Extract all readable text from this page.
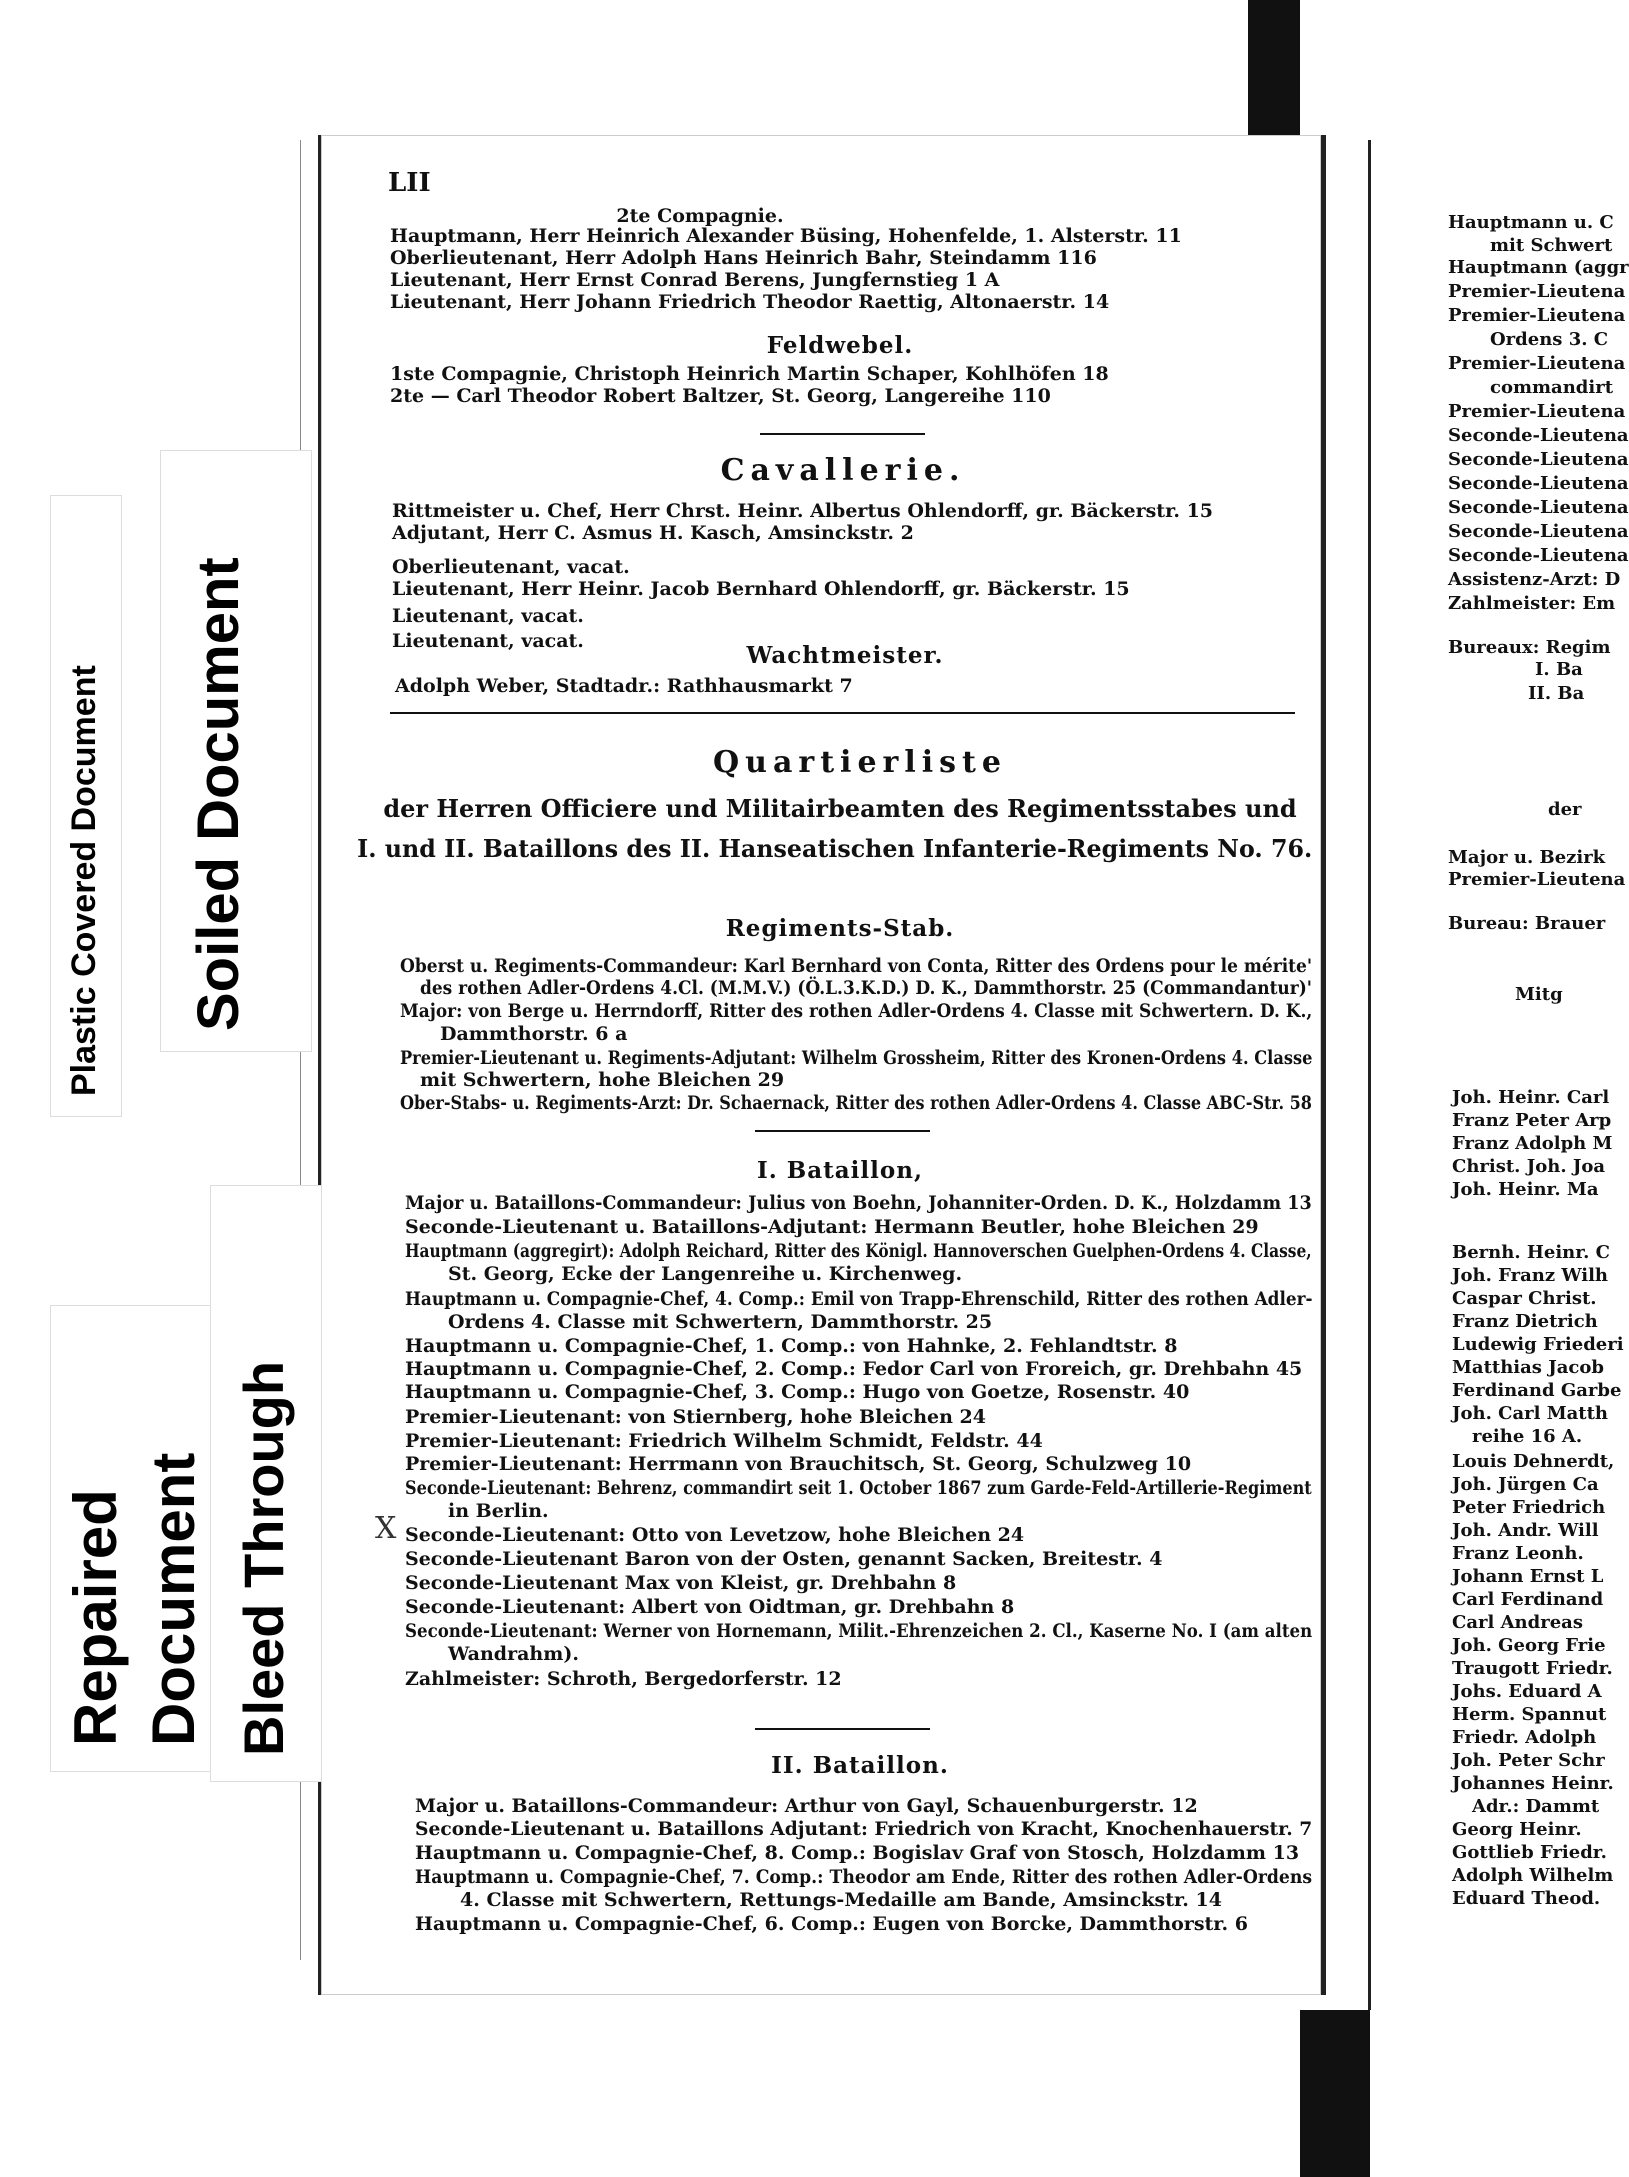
LII
2te Compagnie.
Hauptmann, Herr Heinrich Alexander Büsing, Hohenfelde, 1. Alsterstr. 11
Oberlieutenant, Herr Adolph Hans Heinrich Bahr, Steindamm 116
Lieutenant, Herr Ernst Conrad Berens, Jungfernstieg 1 A
Lieutenant, Herr Johann Friedrich Theodor Raettig, Altonaerstr. 14
Feldwebel.
1ste Compagnie, Christoph Heinrich Martin Schaper, Kohlhöfen 18
2te — Carl Theodor Robert Baltzer, St. Georg, Langereihe 110
Cavallerie.
Rittmeister u. Chef, Herr Chrst. Heinr. Albertus Ohlendorff, gr. Bäckerstr. 15
Adjutant, Herr C. Asmus H. Kasch, Amsinckstr. 2
Oberlieutenant, vacat.
Lieutenant, Herr Heinr. Jacob Bernhard Ohlendorff, gr. Bäckerstr. 15
Lieutenant, vacat.
Lieutenant, vacat.
Wachtmeister.
Adolph Weber, Stadtadr.: Rathhausmarkt 7
Quartierliste
der Herren Officiere und Militairbeamten des Regimentsstabes und
I. und II. Bataillons des II. Hanseatischen Infanterie-Regiments No. 76.
Regiments-Stab.
Oberst u. Regiments-Commandeur: Karl Bernhard von Conta, Ritter des Ordens pour le mérite'
des rothen Adler-Ordens 4.Cl. (M.M.V.) (Ö.L.3.K.D.) D. K., Dammthorstr. 25 (Commandantur)'
Major: von Berge u. Herrndorff, Ritter des rothen Adler-Ordens 4. Classe mit Schwertern. D. K.,
Dammthorstr. 6 a
Premier-Lieutenant u. Regiments-Adjutant: Wilhelm Grossheim, Ritter des Kronen-Ordens 4. Classe
mit Schwertern, hohe Bleichen 29
Ober-Stabs- u. Regiments-Arzt: Dr. Schaernack, Ritter des rothen Adler-Ordens 4. Classe ABC-Str. 58
I. Bataillon,
Major u. Bataillons-Commandeur: Julius von Boehn, Johanniter-Orden. D. K., Holzdamm 13
Seconde-Lieutenant u. Bataillons-Adjutant: Hermann Beutler, hohe Bleichen 29
Hauptmann (aggregirt): Adolph Reichard, Ritter des Königl. Hannoverschen Guelphen-Ordens 4. Classe,
St. Georg, Ecke der Langenreihe u. Kirchenweg.
Hauptmann u. Compagnie-Chef, 4. Comp.: Emil von Trapp-Ehrenschild, Ritter des rothen Adler-
Ordens 4. Classe mit Schwertern, Dammthorstr. 25
Hauptmann u. Compagnie-Chef, 1. Comp.: von Hahnke, 2. Fehlandtstr. 8
Hauptmann u. Compagnie-Chef, 2. Comp.: Fedor Carl von Froreich, gr. Drehbahn 45
Hauptmann u. Compagnie-Chef, 3. Comp.: Hugo von Goetze, Rosenstr. 40
Premier-Lieutenant: von Stiernberg, hohe Bleichen 24
Premier-Lieutenant: Friedrich Wilhelm Schmidt, Feldstr. 44
Premier-Lieutenant: Herrmann von Brauchitsch, St. Georg, Schulzweg 10
Seconde-Lieutenant: Behrenz, commandirt seit 1. October 1867 zum Garde-Feld-Artillerie-Regiment
in Berlin.
Seconde-Lieutenant: Otto von Levetzow, hohe Bleichen 24
Seconde-Lieutenant Baron von der Osten, genannt Sacken, Breitestr. 4
Seconde-Lieutenant Max von Kleist, gr. Drehbahn 8
Seconde-Lieutenant: Albert von Oidtman, gr. Drehbahn 8
Seconde-Lieutenant: Werner von Hornemann, Milit.-Ehrenzeichen 2. Cl., Kaserne No. I (am alten
Wandrahm).
Zahlmeister: Schroth, Bergedorferstr. 12
II. Bataillon.
Major u. Bataillons-Commandeur: Arthur von Gayl, Schauenburgerstr. 12
Seconde-Lieutenant u. Bataillons Adjutant: Friedrich von Kracht, Knochenhauerstr. 7
Hauptmann u. Compagnie-Chef, 8. Comp.: Bogislav Graf von Stosch, Holzdamm 13
Hauptmann u. Compagnie-Chef, 7. Comp.: Theodor am Ende, Ritter des rothen Adler-Ordens
4. Classe mit Schwertern, Rettungs-Medaille am Bande, Amsinckstr. 14
Hauptmann u. Compagnie-Chef, 6. Comp.: Eugen von Borcke, Dammthorstr. 6
Hauptmann u. C
mit Schwert
Hauptmann (aggr
Premier-Lieutena
Premier-Lieutena
Ordens 3. C
Premier-Lieutena
commandirt
Premier-Lieutena
Seconde-Lieutena
Seconde-Lieutena
Seconde-Lieutena
Seconde-Lieutena
Seconde-Lieutena
Seconde-Lieutena
Assistenz-Arzt: D
Zahlmeister: Em
Bureaux: Regim
I. Ba
II. Ba
der
Major u. Bezirk
Premier-Lieutena
Bureau: Brauer
Mitg
Joh. Heinr. Carl
Franz Peter Arp
Franz Adolph M
Christ. Joh. Joa
Joh. Heinr. Ma
Bernh. Heinr. C
Joh. Franz Wilh
Caspar Christ.
Franz Dietrich
Ludewig Friederi
Matthias Jacob
Ferdinand Garbe
Joh. Carl Matth
reihe 16 A.
Louis Dehnerdt,
Joh. Jürgen Ca
Peter Friedrich
Joh. Andr. Will
Franz Leonh.
Johann Ernst L
Carl Ferdinand
Carl Andreas
Joh. Georg Frie
Traugott Friedr.
Johs. Eduard A
Herm. Spannut
Friedr. Adolph
Joh. Peter Schr
Johannes Heinr.
Adr.: Dammt
Georg Heinr.
Gottlieb Friedr.
Adolph Wilhelm
Eduard Theod.
X
Plastic Covered Document Soiled Document
Repaired Document Bleed Through
